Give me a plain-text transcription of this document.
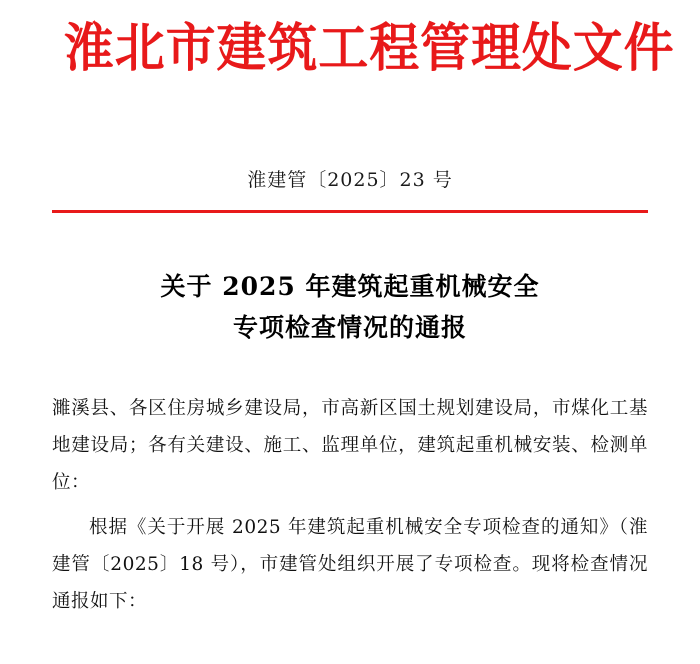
淮北市建筑工程管理处文件
淮建管〔2025〕23 号
关于 2025 年建筑起重机械安全
专项检查情况的通报

濉溪县、各区住房城乡建设局，市高新区国土规划建设局，市煤化工基地建设局；各有关建设、施工、监理单位，建筑起重机械安装、检测单位：

根据《关于开展 2025 年建筑起重机械安全专项检查的通知》（淮建管〔2025〕18 号），市建管处组织开展了专项检查。现将检查情况通报如下：
